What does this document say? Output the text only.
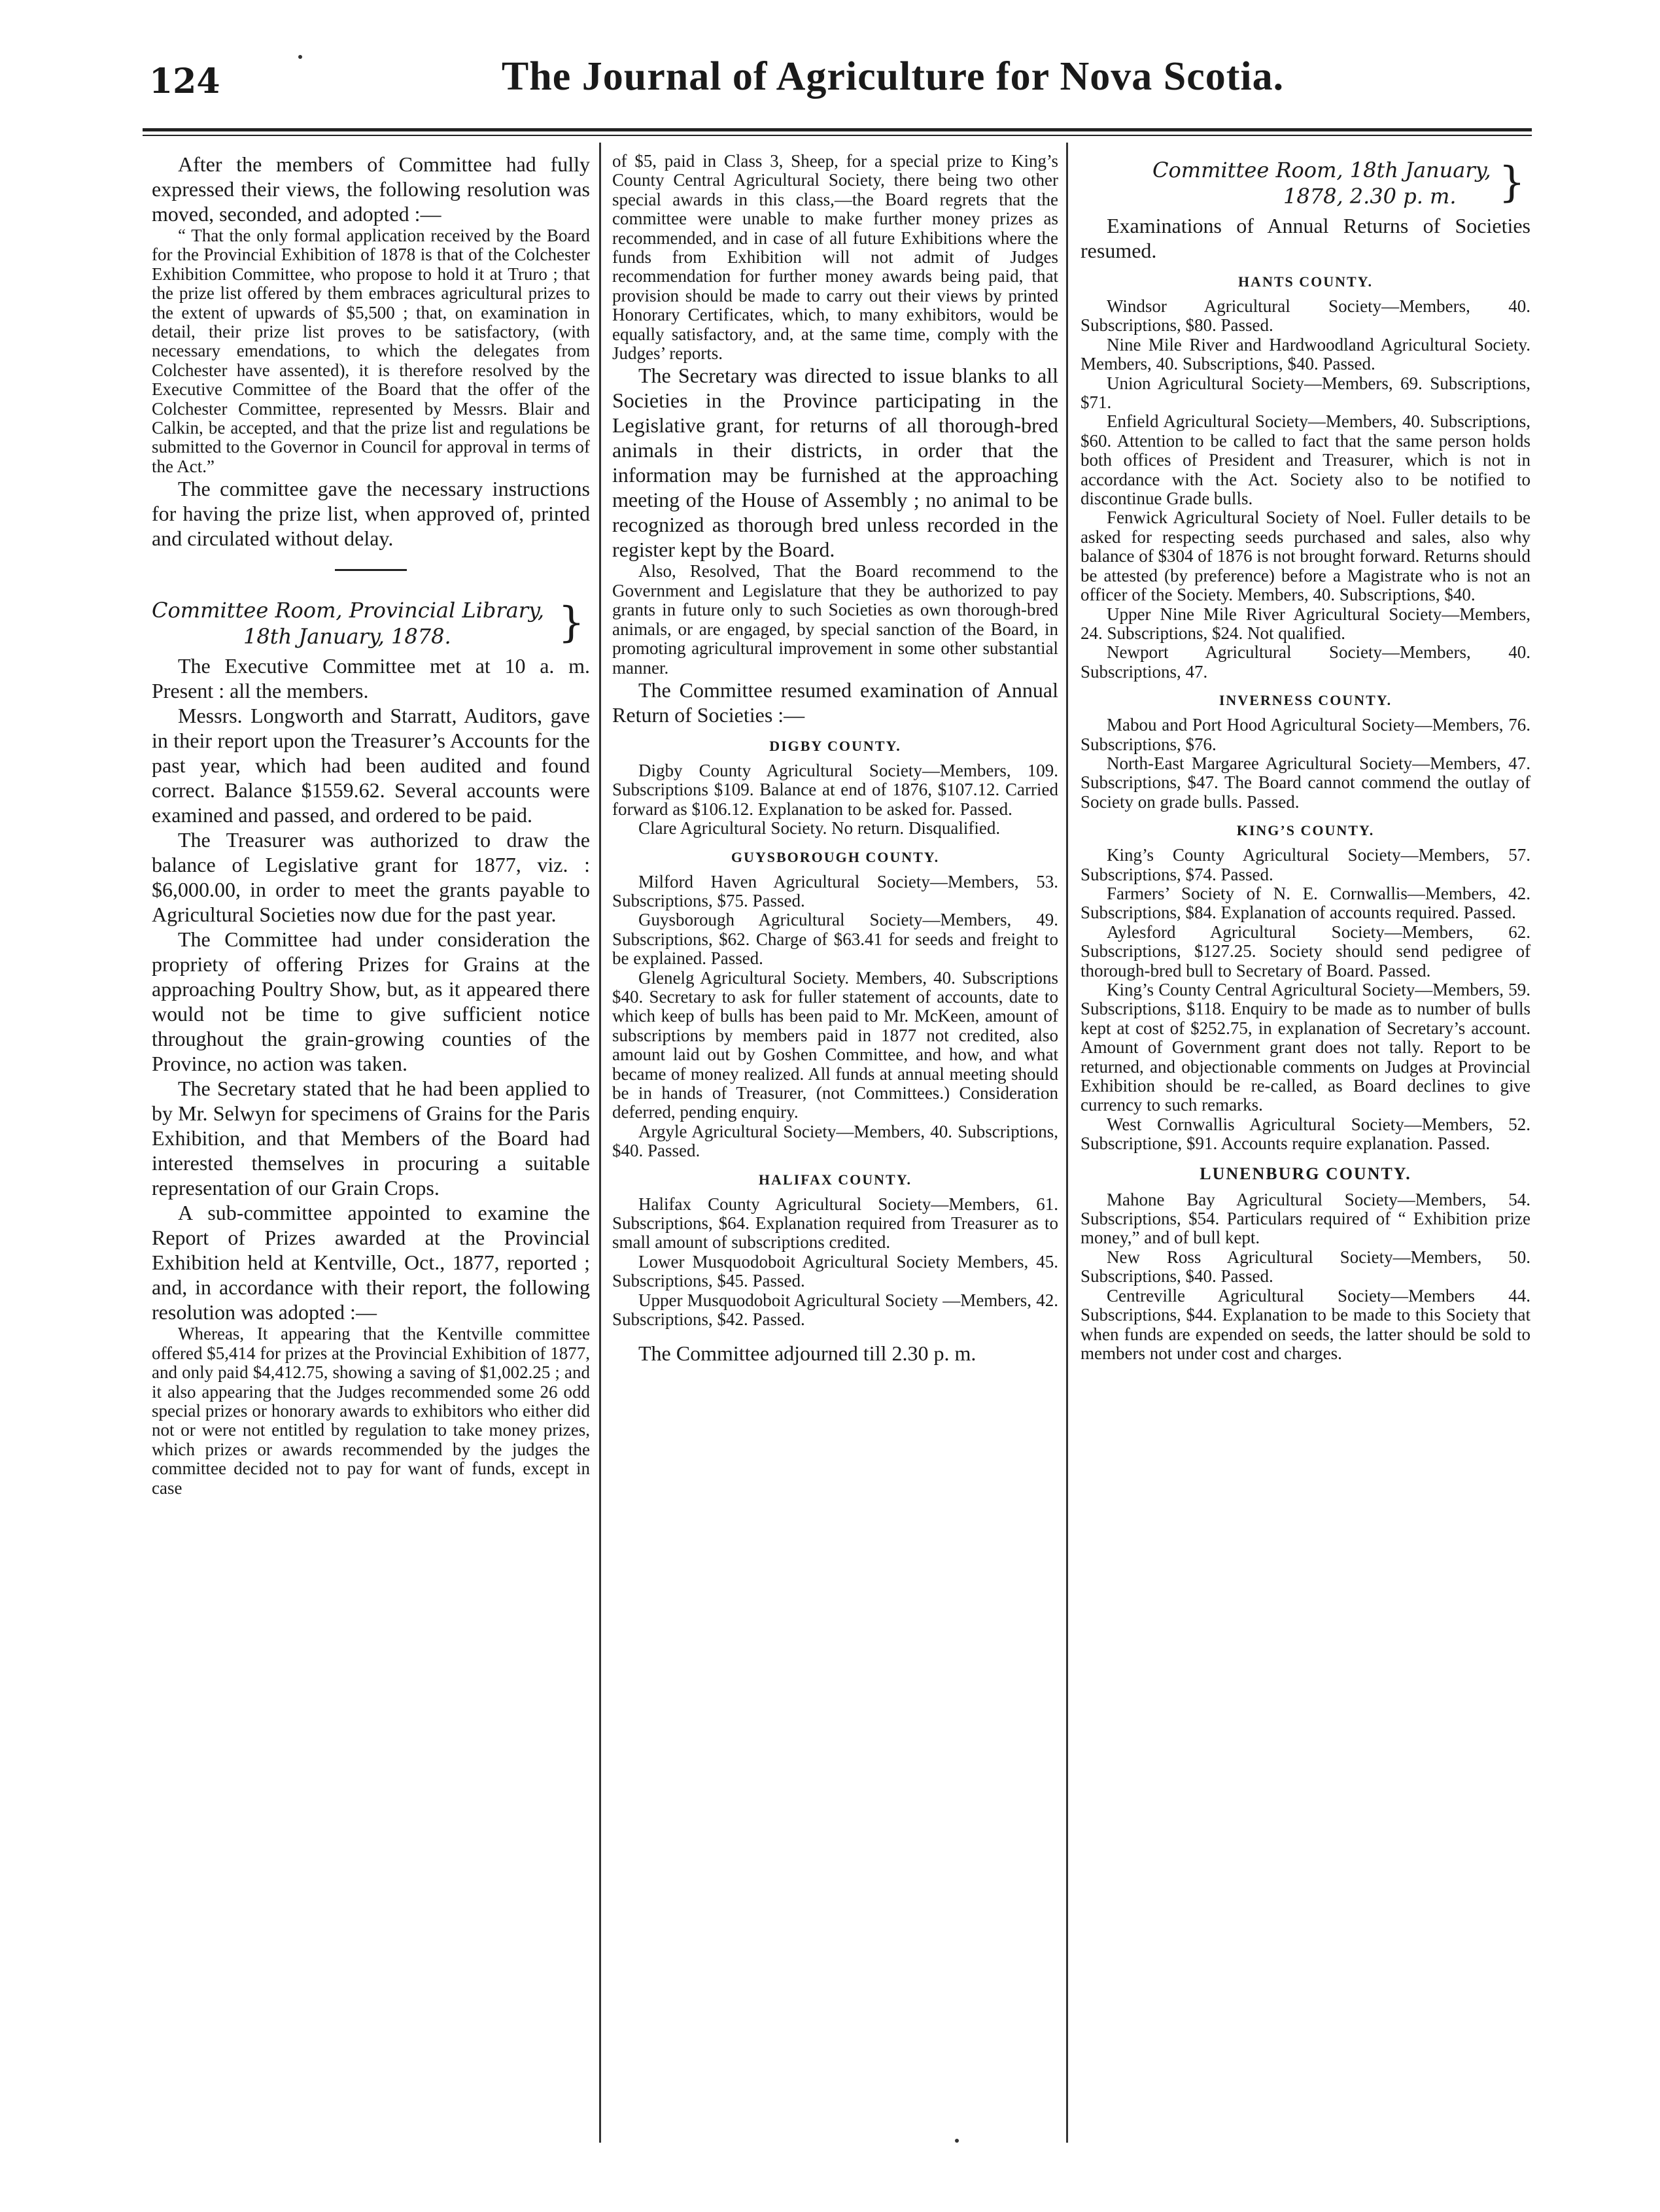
124	The Journal of Agriculture for Nova Scotia.

After the members of Committee had fully expressed their views, the following resolution was moved, seconded, and adopted :—

“ That the only formal application received by the Board for the Provincial Exhibition of 1878 is that of the Colchester Exhibition Committee, who propose to hold it at Truro ; that the prize list offered by them embraces agricultural prizes to the extent of upwards of $5,500 ; that, on examination in detail, their prize list proves to be satisfactory, (with necessary emendations, to which the delegates from Colchester have assented), it is therefore resolved by the Executive Committee of the Board that the offer of the Colchester Committee, represented by Messrs. Blair and Calkin, be accepted, and that the prize list and regulations be submitted to the Governor in Council for approval in terms of the Act.”

The committee gave the necessary instructions for having the prize list, when approved of, printed and circulated without delay.

Committee Room, Provincial Library,
18th January, 1878.	}

The Executive Committee met at 10 a. m. Present : all the members.

Messrs. Longworth and Starratt, Auditors, gave in their report upon the Treasurer’s Accounts for the past year, which had been audited and found correct. Balance $1559.62. Several accounts were examined and passed, and ordered to be paid.

The Treasurer was authorized to draw the balance of Legislative grant for 1877, viz. : $6,000.00, in order to meet the grants payable to Agricultural Societies now due for the past year.

The Committee had under consideration the propriety of offering Prizes for Grains at the approaching Poultry Show, but, as it appeared there would not be time to give sufficient notice throughout the grain-growing counties of the Province, no action was taken.

The Secretary stated that he had been applied to by Mr. Selwyn for specimens of Grains for the Paris Exhibition, and that Members of the Board had interested themselves in procuring a suitable representation of our Grain Crops.

A sub-committee appointed to examine the Report of Prizes awarded at the Provincial Exhibition held at Kentville, Oct., 1877, reported ; and, in accordance with their report, the following resolution was adopted :—

Whereas, It appearing that the Kentville committee offered $5,414 for prizes at the Provincial Exhibition of 1877, and only paid $4,412.75, showing a saving of $1,002.25 ; and it also appearing that the Judges recommended some 26 odd special prizes or honorary awards to exhibitors who either did not or were not entitled by regulation to take money prizes, which prizes or awards recommended by the judges the committee decided not to pay for want of funds, except in case

of $5, paid in Class 3, Sheep, for a special prize to King’s County Central Agricultural Society, there being two other special awards in this class,—the Board regrets that the committee were unable to make further money prizes as recommended, and in case of all future Exhibitions where the funds from Exhibition will not admit of Judges recommendation for further money awards being paid, that provision should be made to carry out their views by printed Honorary Certificates, which, to many exhibitors, would be equally satisfactory, and, at the same time, comply with the Judges’ reports.

The Secretary was directed to issue blanks to all Societies in the Province participating in the Legislative grant, for returns of all thorough-bred animals in their districts, in order that the information may be furnished at the approaching meeting of the House of Assembly ; no animal to be recognized as thorough bred unless recorded in the register kept by the Board.

Also, Resolved, That the Board recommend to the Government and Legislature that they be authorized to pay grants in future only to such Societies as own thorough-bred animals, or are engaged, by special sanction of the Board, in promoting agricultural improvement in some other substantial manner.

The Committee resumed examination of Annual Return of Societies :—

DIGBY COUNTY.

Digby County Agricultural Society—Members, 109. Subscriptions $109. Balance at end of 1876, $107.12. Carried forward as $106.12. Explanation to be asked for. Passed.

Clare Agricultural Society. No return. Disqualified.

GUYSBOROUGH COUNTY.

Milford Haven Agricultural Society—Members, 53. Subscriptions, $75. Passed.

Guysborough Agricultural Society—Members, 49. Subscriptions, $62. Charge of $63.41 for seeds and freight to be explained. Passed.

Glenelg Agricultural Society. Members, 40. Subscriptions $40. Secretary to ask for fuller statement of accounts, date to which keep of bulls has been paid to Mr. McKeen, amount of subscriptions by members paid in 1877 not credited, also amount laid out by Goshen Committee, and how, and what became of money realized. All funds at annual meeting should be in hands of Treasurer, (not Committees.) Consideration deferred, pending enquiry.

Argyle Agricultural Society—Members, 40. Subscriptions, $40. Passed.

HALIFAX COUNTY.

Halifax County Agricultural Society—Members, 61. Subscriptions, $64. Explanation required from Treasurer as to small amount of subscriptions credited.

Lower Musquodoboit Agricultural Society Members, 45. Subscriptions, $45. Passed.

Upper Musquodoboit Agricultural Society —Members, 42. Subscriptions, $42. Passed.

The Committee adjourned till 2.30 p. m.

Committee Room, 18th January,
1878, 2.30 p. m.	}

Examinations of Annual Returns of Societies resumed.

HANTS COUNTY.

Windsor Agricultural Society—Members, 40. Subscriptions, $80. Passed.

Nine Mile River and Hardwoodland Agricultural Society. Members, 40. Subscriptions, $40. Passed.

Union Agricultural Society—Members, 69. Subscriptions, $71.

Enfield Agricultural Society—Members, 40. Subscriptions, $60. Attention to be called to fact that the same person holds both offices of President and Treasurer, which is not in accordance with the Act. Society also to be notified to discontinue Grade bulls.

Fenwick Agricultural Society of Noel. Fuller details to be asked for respecting seeds purchased and sales, also why balance of $304 of 1876 is not brought forward. Returns should be attested (by preference) before a Magistrate who is not an officer of the Society. Members, 40. Subscriptions, $40.

Upper Nine Mile River Agricultural Society—Members, 24. Subscriptions, $24. Not qualified.

Newport Agricultural Society—Members, 40. Subscriptions, 47.

INVERNESS COUNTY.

Mabou and Port Hood Agricultural Society—Members, 76. Subscriptions, $76.

North-East Margaree Agricultural Society—Members, 47. Subscriptions, $47. The Board cannot commend the outlay of Society on grade bulls. Passed.

KING’S COUNTY.

King’s County Agricultural Society—Members, 57. Subscriptions, $74. Passed.

Farmers’ Society of N. E. Cornwallis—Members, 42. Subscriptions, $84. Explanation of accounts required. Passed.

Aylesford Agricultural Society—Members, 62. Subscriptions, $127.25. Society should send pedigree of thorough-bred bull to Secretary of Board. Passed.

King’s County Central Agricultural Society—Members, 59. Subscriptions, $118. Enquiry to be made as to number of bulls kept at cost of $252.75, in explanation of Secretary’s account. Amount of Government grant does not tally. Report to be returned, and objectionable comments on Judges at Provincial Exhibition should be re-called, as Board declines to give currency to such remarks.

West Cornwallis Agricultural Society—Members, 52. Subscriptione, $91. Accounts require explanation. Passed.

LUNENBURG COUNTY.

Mahone Bay Agricultural Society—Members, 54. Subscriptions, $54. Particulars required of “ Exhibition prize money,” and of bull kept.

New Ross Agricultural Society—Members, 50. Subscriptions, $40. Passed.

Centreville Agricultural Society—Members 44. Subscriptions, $44. Explanation to be made to this Society that when funds are expended on seeds, the latter should be sold to members not under cost and charges.
